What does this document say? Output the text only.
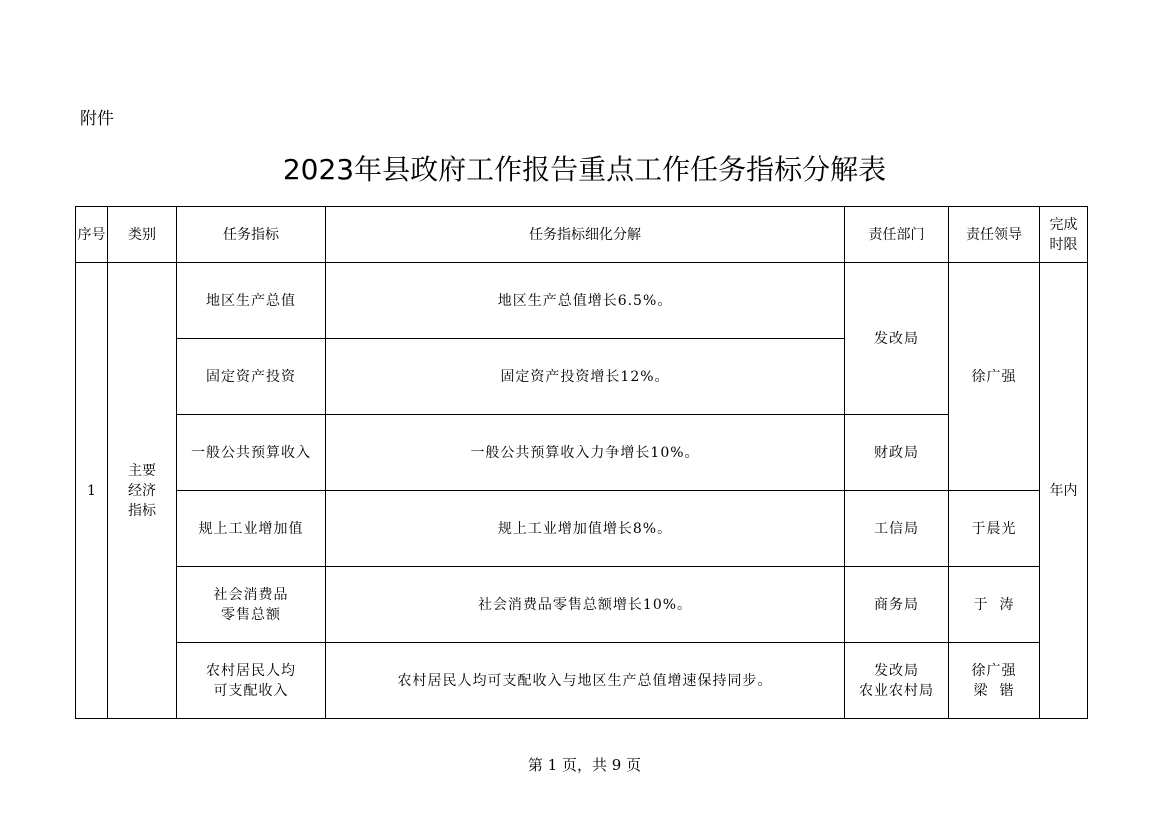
附件
2023年县政府工作报告重点工作任务指标分解表
序号	类别	任务指标	任务指标细化分解	责任部门	责任领导	完成时限
1	主要
经济
指标	地区生产总值	地区生产总值增长6.5%。	发改局	徐广强	年内
		固定资产投资	固定资产投资增长12%。			
		一般公共预算收入	一般公共预算收入力争增长10%。	财政局		
		规上工业增加值	规上工业增加值增长8%。	工信局	于晨光	
		社会消费品
零售总额	社会消费品零售总额增长10%。	商务局	于  涛	
		农村居民人均
可支配收入	农村居民人均可支配收入与地区生产总值增速保持同步。	发改局
农业农村局	徐广强
梁  锴	
第 1 页，共 9 页
